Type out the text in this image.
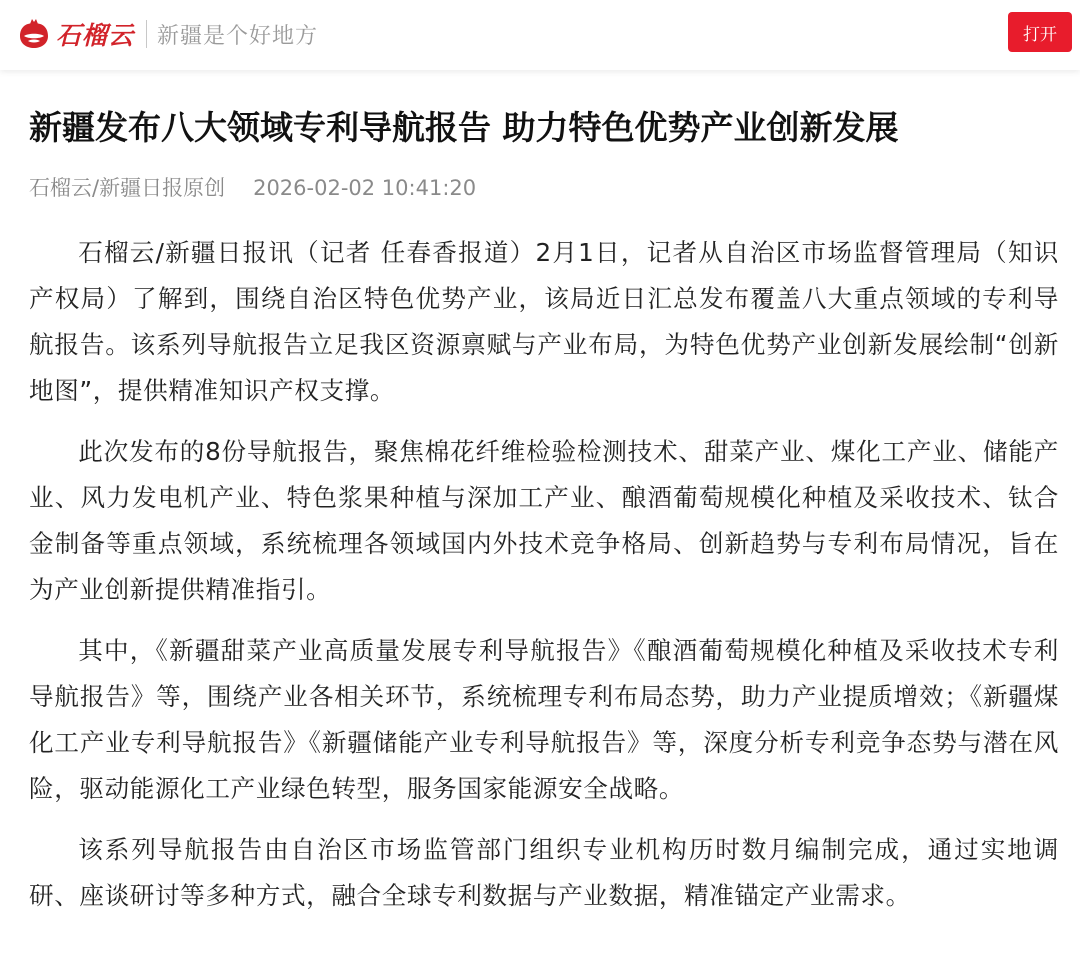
石榴云 新疆是个好地方	打开
新疆发布八大领域专利导航报告 助力特色优势产业创新发展
石榴云/新疆日报原创 2026-02-02 10:41:20

石榴云/新疆日报讯（记者 任春香报道）2月1日，记者从自治区市场监督管理局（知识产权局）了解到，围绕自治区特色优势产业，该局近日汇总发布覆盖八大重点领域的专利导航报告。该系列导航报告立足我区资源禀赋与产业布局，为特色优势产业创新发展绘制“创新地图”，提供精准知识产权支撑。

此次发布的8份导航报告，聚焦棉花纤维检验检测技术、甜菜产业、煤化工产业、储能产业、风力发电机产业、特色浆果种植与深加工产业、酿酒葡萄规模化种植及采收技术、钛合金制备等重点领域，系统梳理各领域国内外技术竞争格局、创新趋势与专利布局情况，旨在为产业创新提供精准指引。

其中，《新疆甜菜产业高质量发展专利导航报告》《酿酒葡萄规模化种植及采收技术专利导航报告》等，围绕产业各相关环节，系统梳理专利布局态势，助力产业提质增效；《新疆煤化工产业专利导航报告》《新疆储能产业专利导航报告》等，深度分析专利竞争态势与潜在风险，驱动能源化工产业绿色转型，服务国家能源安全战略。

该系列导航报告由自治区市场监管部门组织专业机构历时数月编制完成，通过实地调研、座谈研讨等多种方式，融合全球专利数据与产业数据，精准锚定产业需求。
